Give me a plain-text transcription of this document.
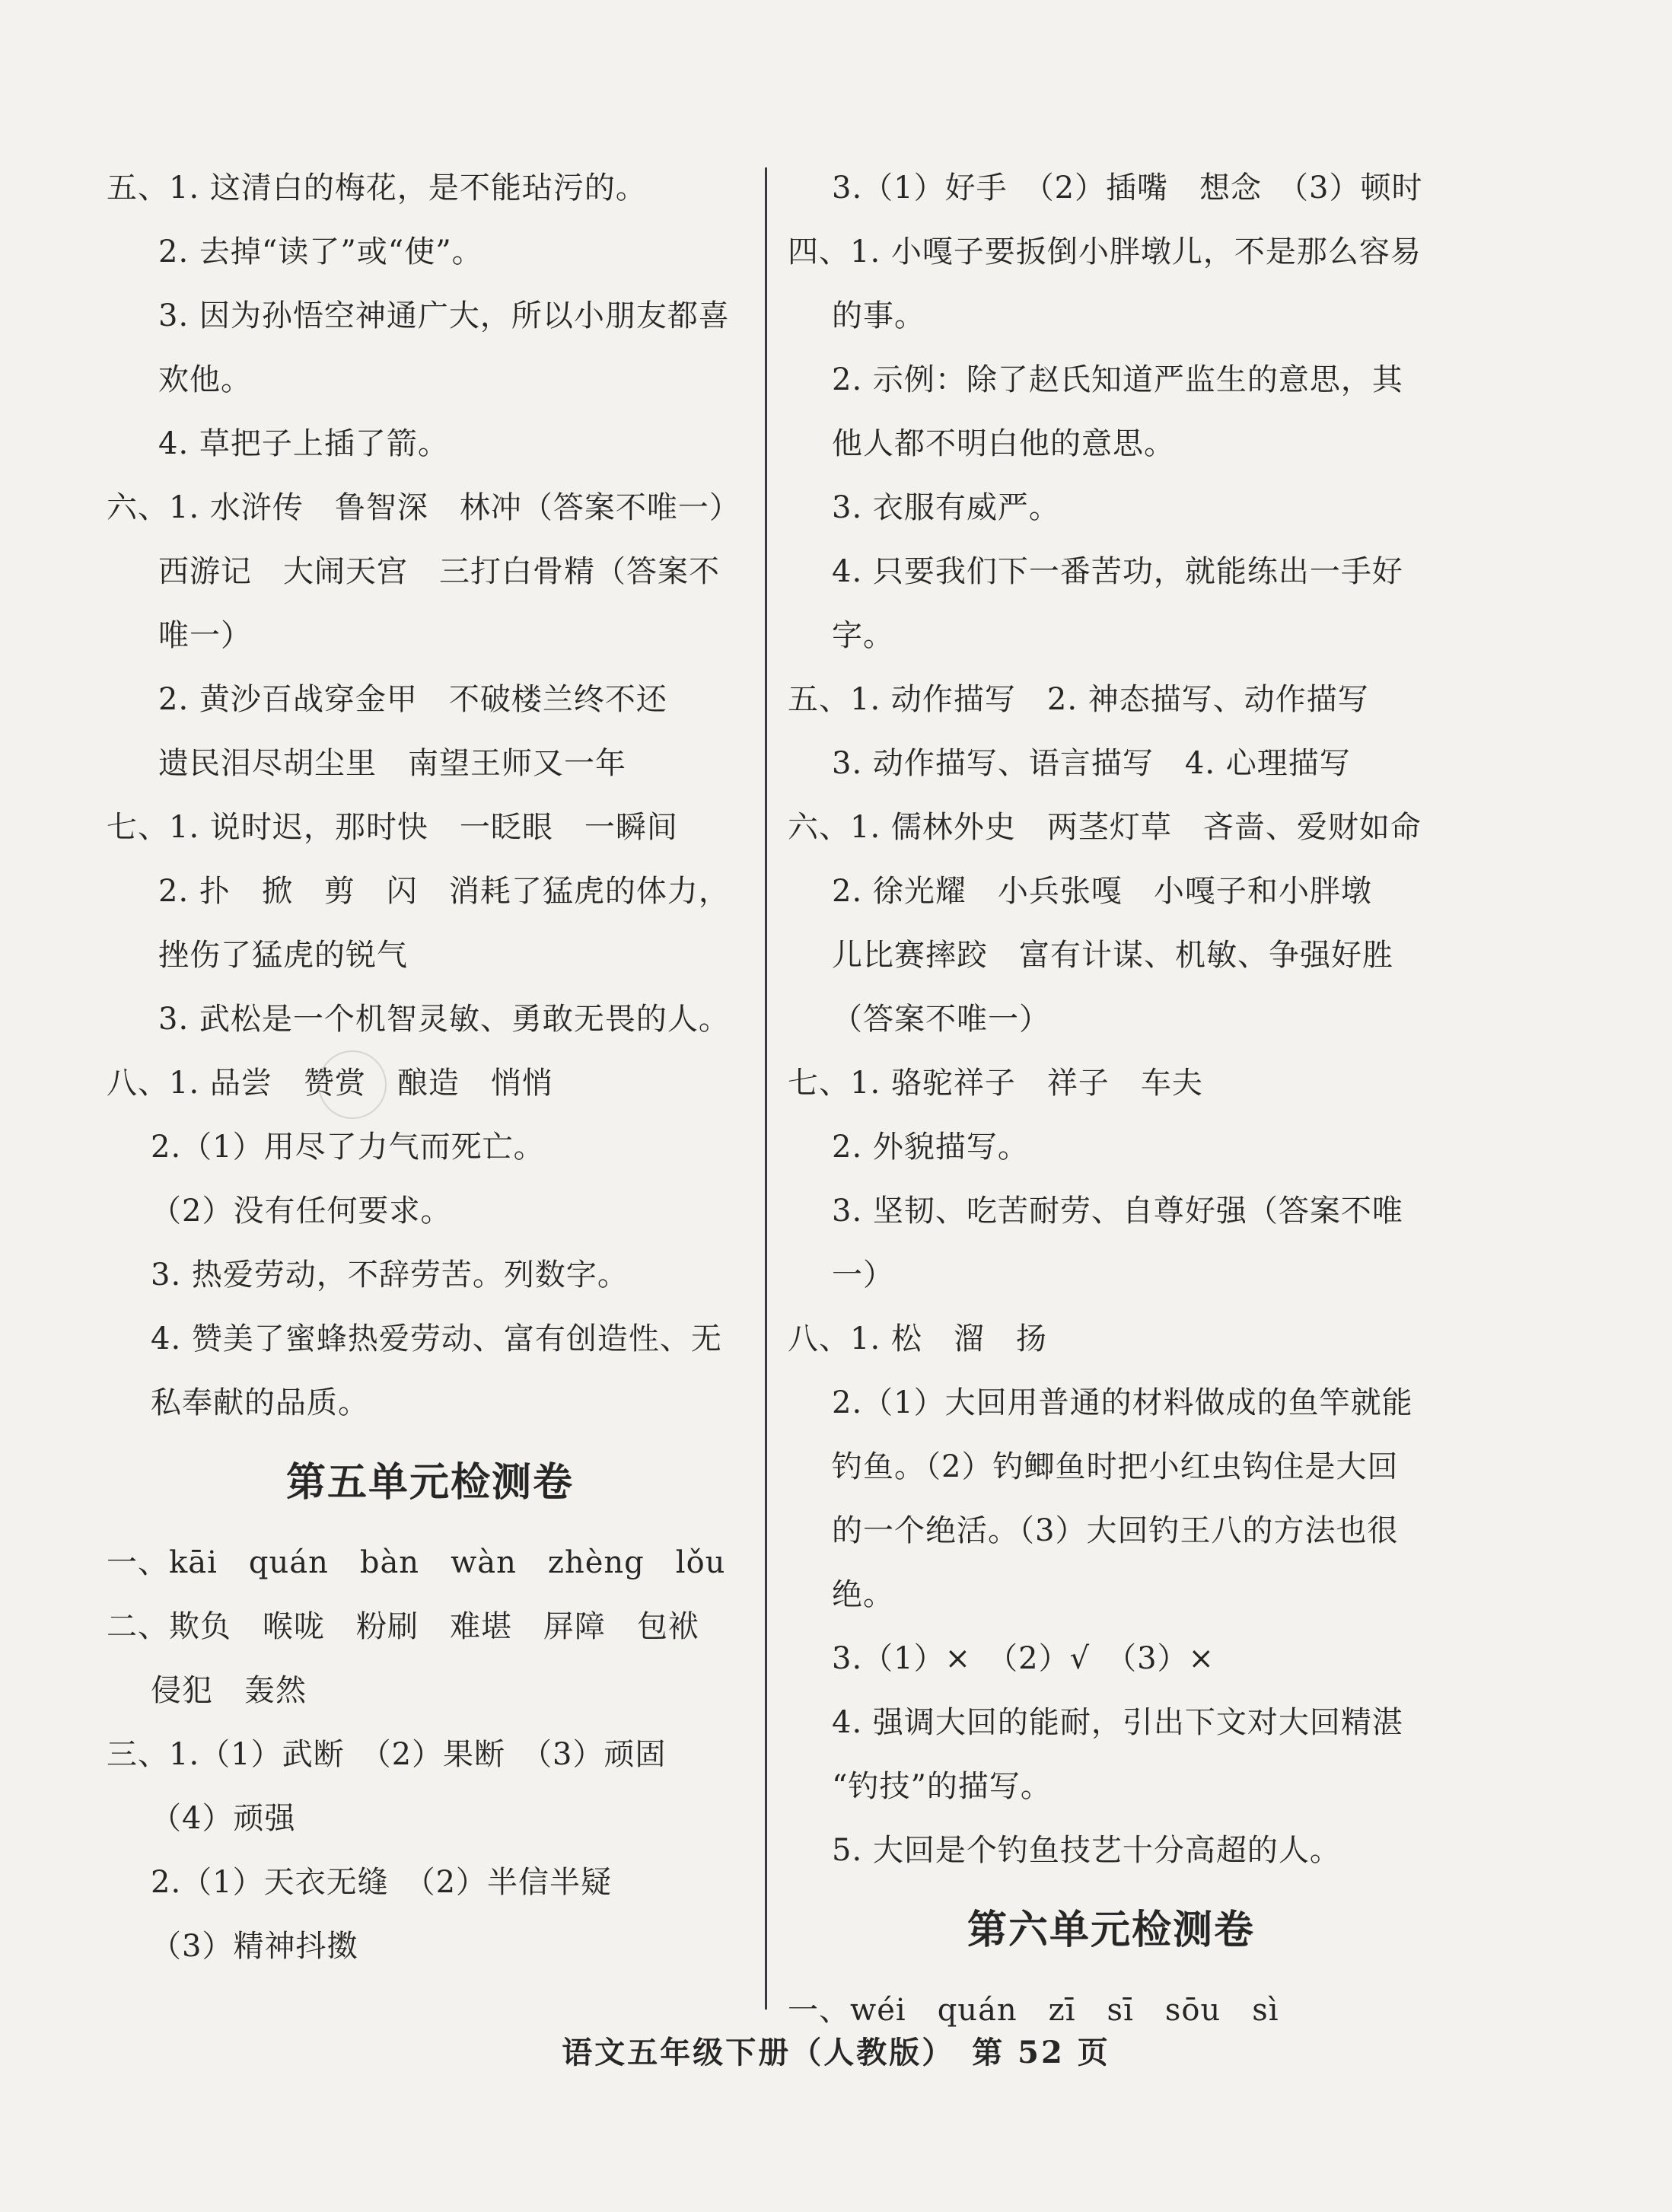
五、1. 这清白的梅花，是不能玷污的。
2. 去掉“读了”或“使”。
3. 因为孙悟空神通广大，所以小朋友都喜
欢他。
4. 草把子上插了箭。
六、1. 水浒传　鲁智深　林冲（答案不唯一）
西游记　大闹天宫　三打白骨精（答案不
唯一）
2. 黄沙百战穿金甲　不破楼兰终不还
遗民泪尽胡尘里　南望王师又一年
七、1. 说时迟，那时快　一眨眼　一瞬间
2. 扑　掀　剪　闪　消耗了猛虎的体力，
挫伤了猛虎的锐气
3. 武松是一个机智灵敏、勇敢无畏的人。
八、1. 品尝　赞赏　酿造　悄悄
2.（1）用尽了力气而死亡。
（2）没有任何要求。
3. 热爱劳动，不辞劳苦。列数字。
4. 赞美了蜜蜂热爱劳动、富有创造性、无
私奉献的品质。
第五单元检测卷
一、kāi　quán　bàn　wàn　zhèng　lǒu
二、欺负　喉咙　粉刷　难堪　屏障　包袱
侵犯　轰然
三、1.（1）武断　（2）果断　（3）顽固
（4）顽强
2.（1）天衣无缝　（2）半信半疑
（3）精神抖擞
3.（1）好手　（2）插嘴　想念　（3）顿时
四、1. 小嘎子要扳倒小胖墩儿，不是那么容易
的事。
2. 示例：除了赵氏知道严监生的意思，其
他人都不明白他的意思。
3. 衣服有威严。
4. 只要我们下一番苦功，就能练出一手好
字。
五、1. 动作描写　2. 神态描写、动作描写
3. 动作描写、语言描写　4. 心理描写
六、1. 儒林外史　两茎灯草　吝啬、爱财如命
2. 徐光耀　小兵张嘎　小嘎子和小胖墩
儿比赛摔跤　富有计谋、机敏、争强好胜
（答案不唯一）
七、1. 骆驼祥子　祥子　车夫
2. 外貌描写。
3. 坚韧、吃苦耐劳、自尊好强（答案不唯
一）
八、1. 松　溜　扬
2.（1）大回用普通的材料做成的鱼竿就能
钓鱼。（2）钓鲫鱼时把小红虫钩住是大回
的一个绝活。（3）大回钓王八的方法也很
绝。
3.（1）×　（2）√　（3）×
4. 强调大回的能耐，引出下文对大回精湛
“钓技”的描写。
5. 大回是个钓鱼技艺十分高超的人。
第六单元检测卷
一、wéi　quán　zī　sī　sōu　sì
语文五年级下册（人教版）　第 52 页
